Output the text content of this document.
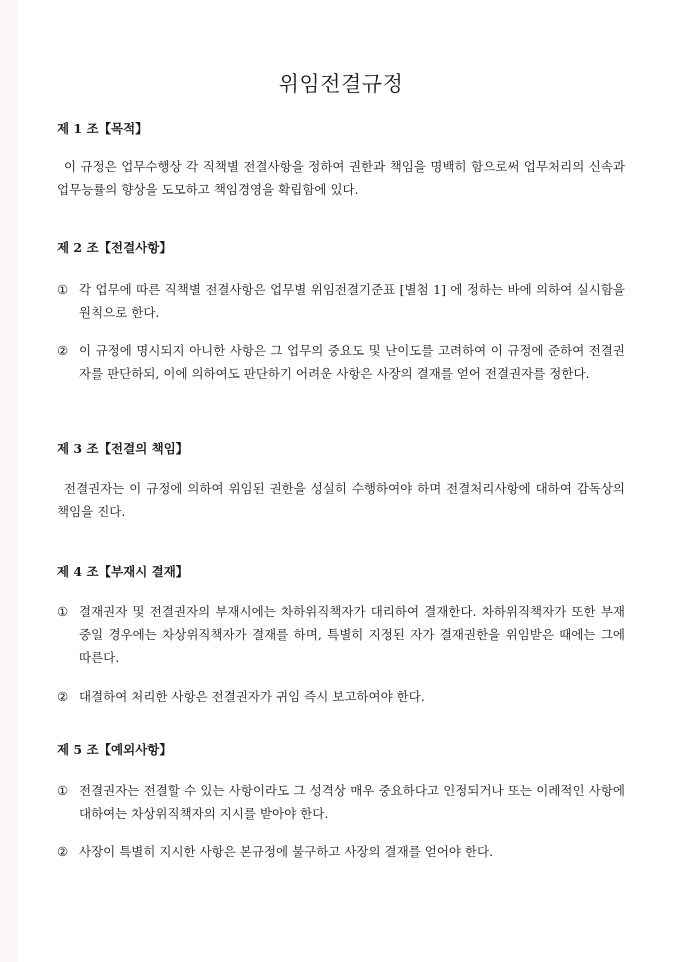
위임전결규정

제 1 조【목적】

이 규정은 업무수행상 각 직책별 전결사항을 정하여 권한과 책임을 명백히 함으로써 업무처리의 신속과 업무능률의 향상을 도모하고 책임경영을 확립함에 있다.

제 2 조【전결사항】

① 각 업무에 따른 직책별 전결사항은 업무별 위임전결기준표 [별첨 1] 에 정하는 바에 의하여 실시함을 원칙으로 한다.
② 이 규정에 명시되지 아니한 사항은 그 업무의 중요도 및 난이도를 고려하여 이 규정에 준하여 전결권자를 판단하되, 이에 의하여도 판단하기 어려운 사항은 사장의 결재를 얻어 전결권자를 정한다.

제 3 조【전결의 책임】

전결권자는 이 규정에 의하여 위임된 권한을 성실히 수행하여야 하며 전결처리사항에 대하여 감독상의 책임을 진다.

제 4 조【부재시 결재】

① 결재권자 및 전결권자의 부재시에는 차하위직책자가 대리하여 결재한다. 차하위직책자가 또한 부재중일 경우에는 차상위직책자가 결재를 하며, 특별히 지정된 자가 결재권한을 위임받은 때에는 그에 따른다.
② 대결하여 처리한 사항은 전결권자가 귀임 즉시 보고하여야 한다.

제 5 조【예외사항】

① 전결권자는 전결할 수 있는 사항이라도 그 성격상 매우 중요하다고 인정되거나 또는 이례적인 사항에 대하여는 차상위직책자의 지시를 받아야 한다.
② 사장이 특별히 지시한 사항은 본규정에 불구하고 사장의 결재를 얻어야 한다.
